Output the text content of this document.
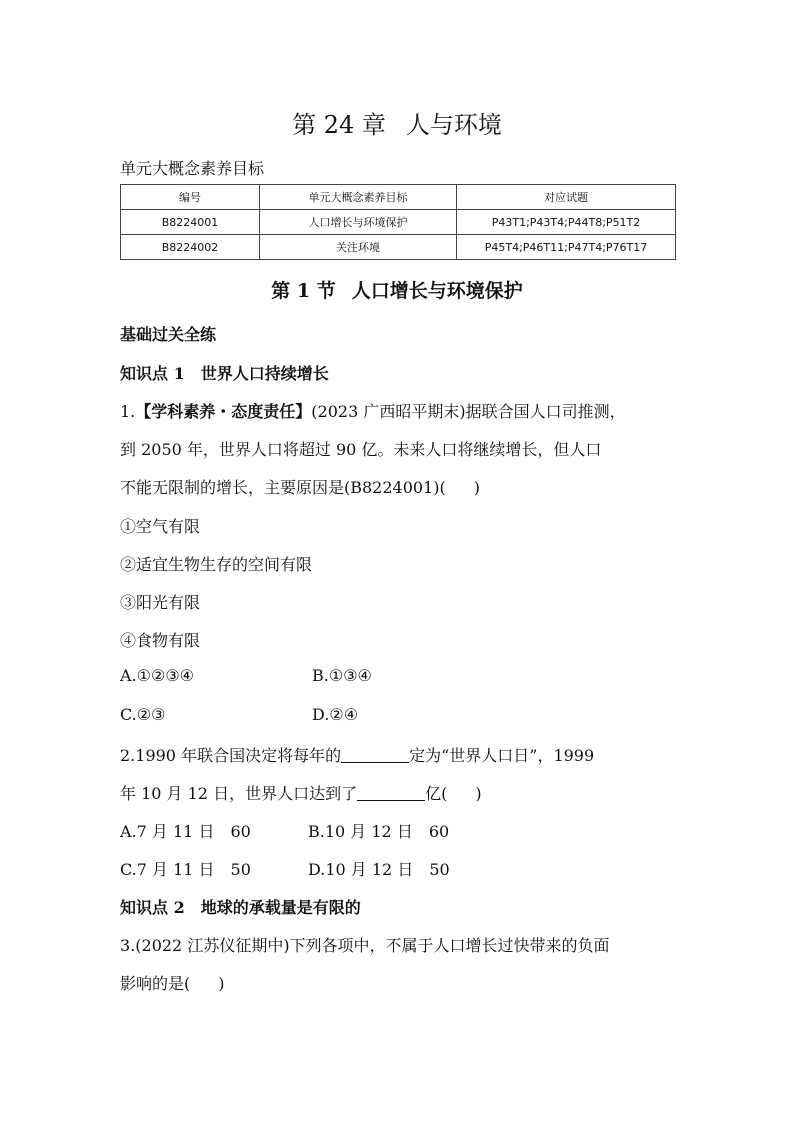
第 24 章 人与环境
单元大概念素养目标
编号	单元大概念素养目标	对应试题
B8224001	人口增长与环境保护	P43T1;P43T4;P44T8;P51T2
B8224002	关注环境	P45T4;P46T11;P47T4;P76T17
第 1 节 人口增长与环境保护
基础过关全练
知识点 1　 世界人口持续增长
1.【学科素养・态度责任】(2023 广西昭平期末)据联合国人口司推测，
到 2050 年，世界人口将超过 90 亿。未来人口将继续增长，但人口
不能无限制的增长，主要原因是(B8224001)( )
①空气有限
②适宜生物生存的空间有限
③阳光有限
④食物有限
A.①②③④	B.①③④
C.②③	D.②④
2.1990 年联合国决定将每年的	定为“世界人口日”，1999
年 10 月 12 日，世界人口达到了	亿( )
A.7 月 11 日　60	B.10 月 12 日　60
C.7 月 11 日　50	D.10 月 12 日　50
知识点 2　 地球的承载量是有限的
3.(2022 江苏仪征期中)下列各项中，不属于人口增长过快带来的负面
影响的是( )
